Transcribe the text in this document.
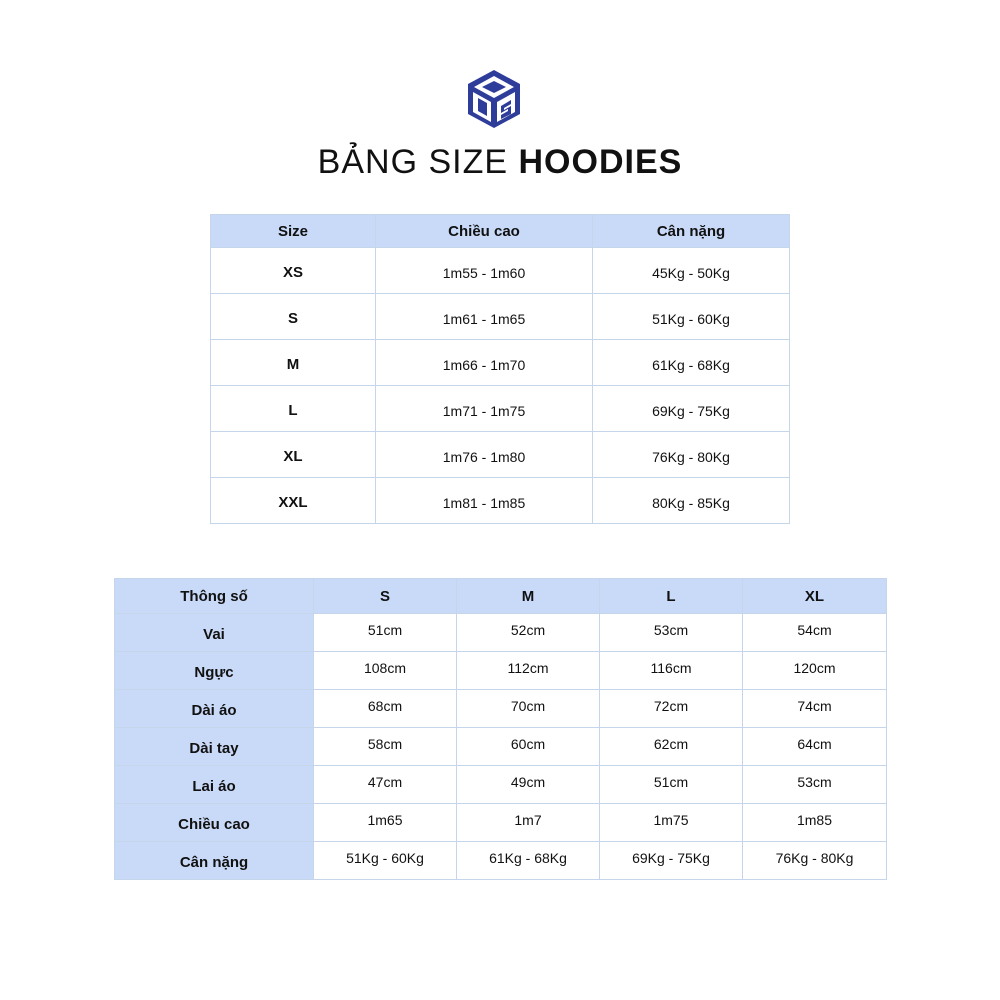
BẢNG SIZE HOODIES
Size	Chiều cao	Cân nặng
XS	1m55 - 1m60	45Kg - 50Kg
S	1m61 - 1m65	51Kg - 60Kg
M	1m66 - 1m70	61Kg - 68Kg
L	1m71 - 1m75	69Kg - 75Kg
XL	1m76 - 1m80	76Kg - 80Kg
XXL	1m81 - 1m85	80Kg - 85Kg
Thông số	S	M	L	XL
Vai	51cm	52cm	53cm	54cm
Ngực	108cm	112cm	116cm	120cm
Dài áo	68cm	70cm	72cm	74cm
Dài tay	58cm	60cm	62cm	64cm
Lai áo	47cm	49cm	51cm	53cm
Chiều cao	1m65	1m7	1m75	1m85
Cân nặng	51Kg - 60Kg	61Kg - 68Kg	69Kg - 75Kg	76Kg - 80Kg
